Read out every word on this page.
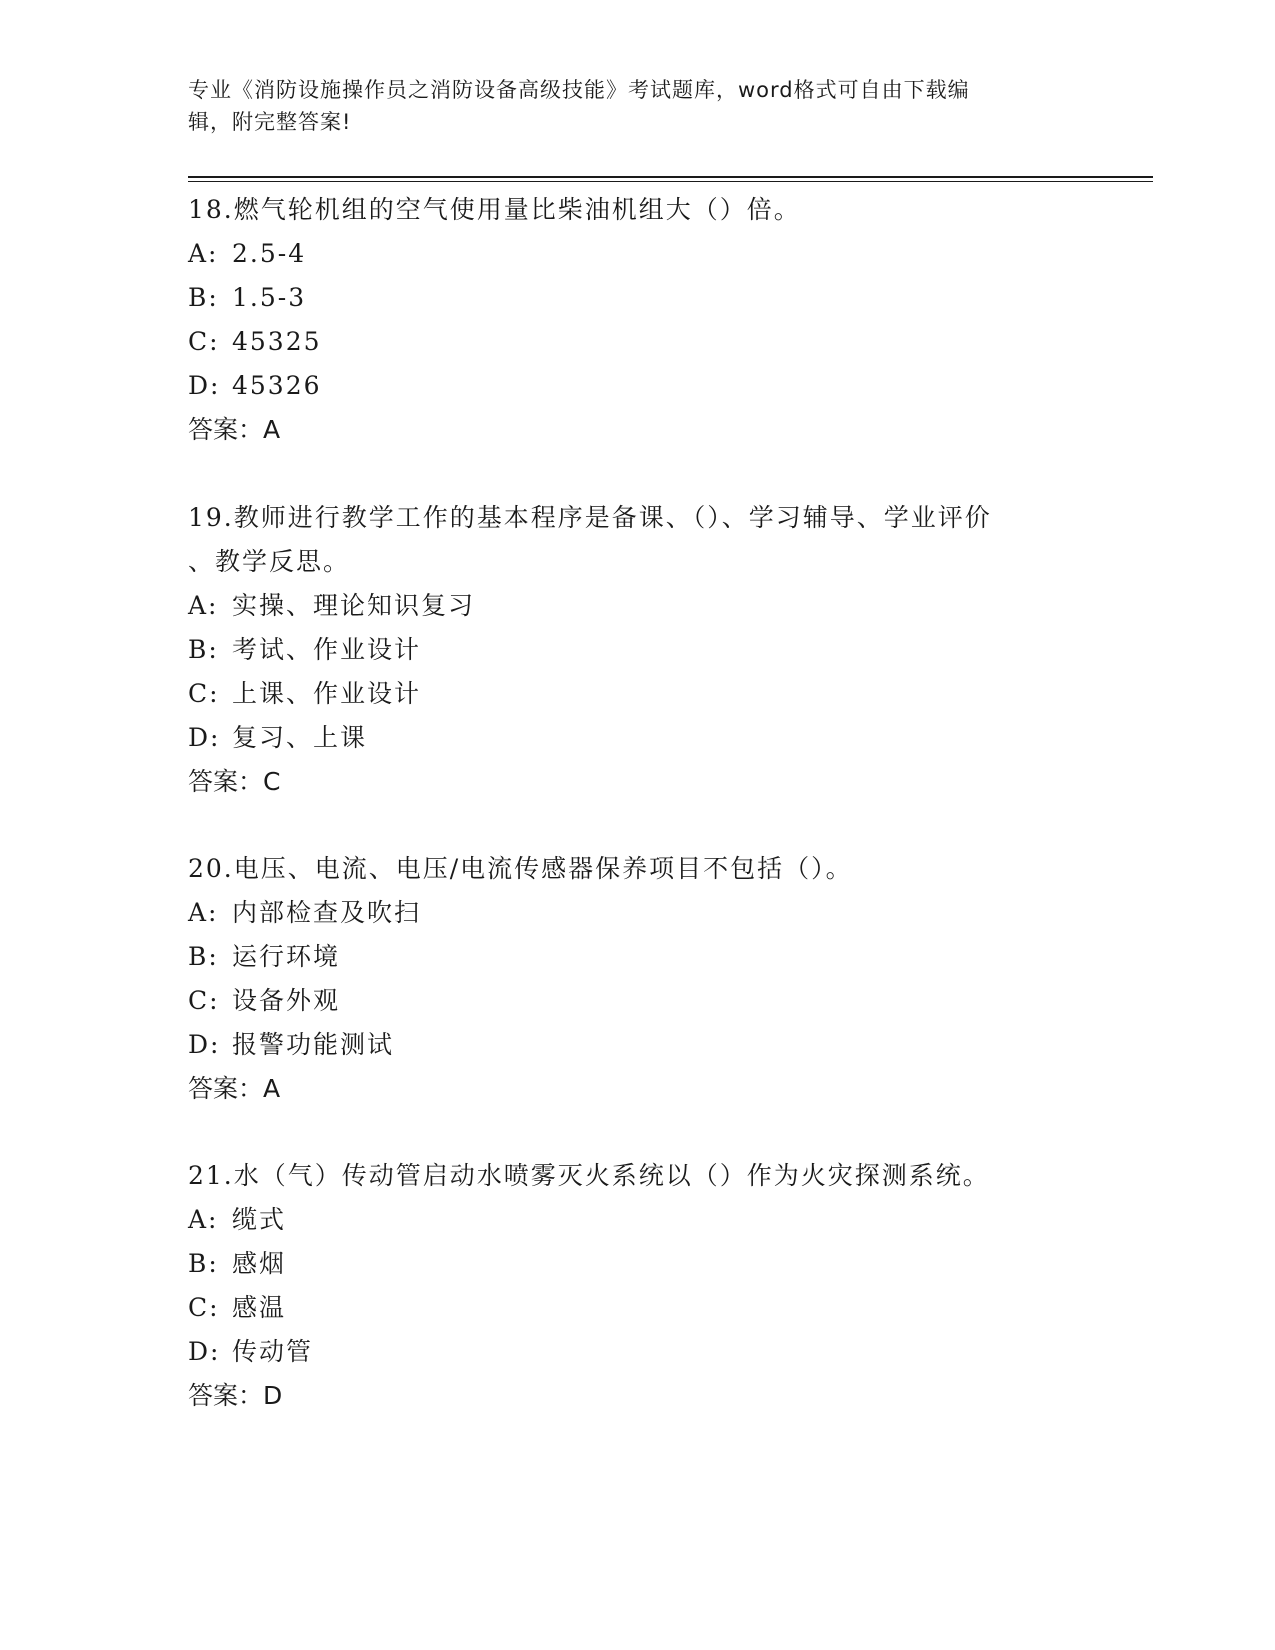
专业《消防设施操作员之消防设备高级技能》考试题库，word格式可自由下载编
辑，附完整答案!

18.燃气轮机组的空气使用量比柴油机组大（）倍。

A: 2.5-4

B: 1.5-3

C: 45325

D: 45326

答案：A

19.教师进行教学工作的基本程序是备课、（）、学习辅导、学业评价

、教学反思。

A: 实操、理论知识复习

B: 考试、作业设计

C: 上课、作业设计

D: 复习、上课

答案：C

20.电压、电流、电压/电流传感器保养项目不包括（）。

A: 内部检查及吹扫

B: 运行环境

C: 设备外观

D: 报警功能测试

答案：A

21.水（气）传动管启动水喷雾灭火系统以（）作为火灾探测系统。

A: 缆式

B: 感烟

C: 感温

D: 传动管

答案：D
